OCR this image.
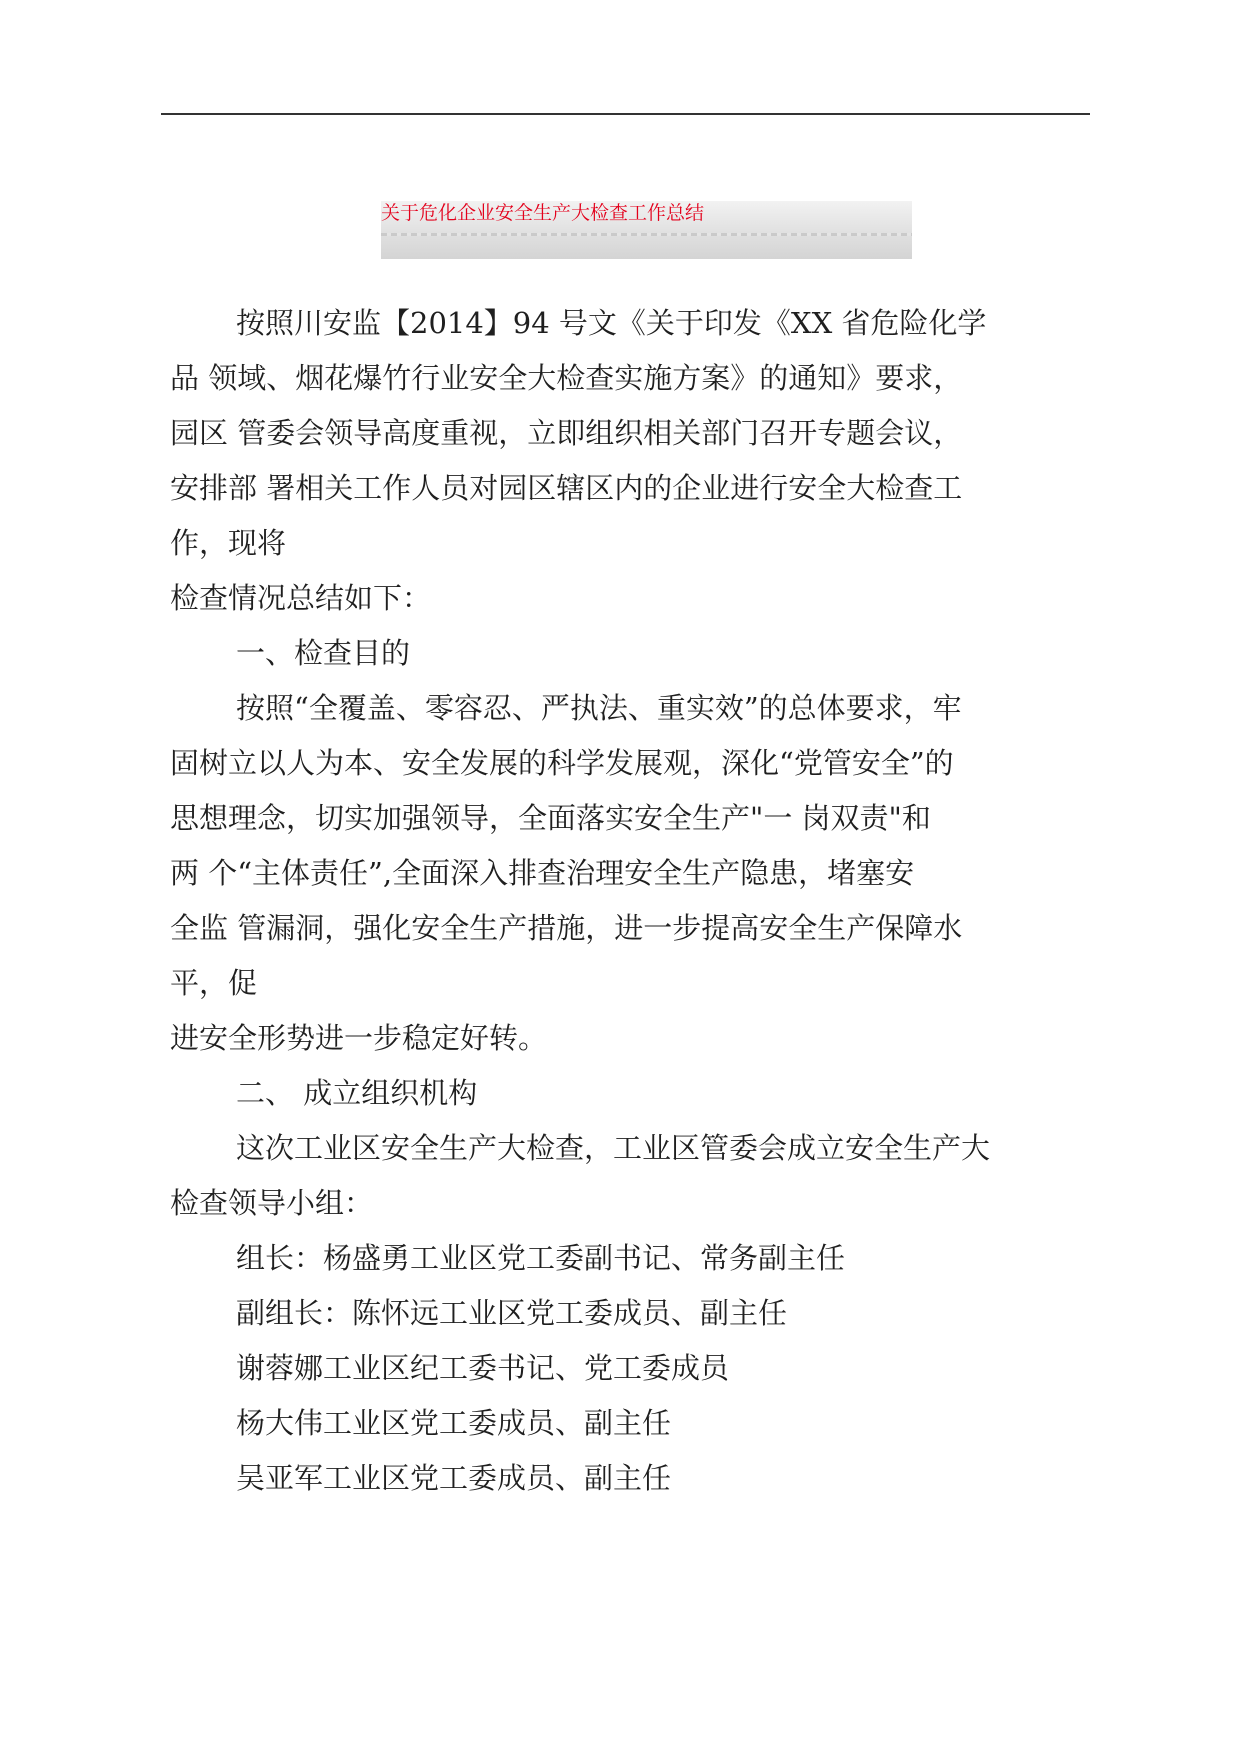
关于危化企业安全生产大检查工作总结

按照川安监【2014】94 号文《关于印发《XX 省危险化学

品 领域、烟花爆竹行业安全大检查实施方案》的通知》要求，

园区 管委会领导高度重视，立即组织相关部门召开专题会议，

安排部 署相关工作人员对园区辖区内的企业进行安全大检查工

作，现将

检查情况总结如下：

一、检查目的

按照“全覆盖、零容忍、严执法、重实效”的总体要求，牢

固树立以人为本、安全发展的科学发展观，深化“党管安全”的

思想理念，切实加强领导，全面落实安全生产"一 岗双责"和

两 个“主体责任”,全面深入排查治理安全生产隐患，堵塞安

全监 管漏洞，强化安全生产措施，进一步提高安全生产保障水

平，促

进安全形势进一步稳定好转。

二、 成立组织机构

这次工业区安全生产大检查，工业区管委会成立安全生产大

检查领导小组：

组长：杨盛勇工业区党工委副书记、常务副主任

副组长：陈怀远工业区党工委成员、副主任

谢蓉娜工业区纪工委书记、党工委成员

杨大伟工业区党工委成员、副主任

吴亚军工业区党工委成员、副主任
